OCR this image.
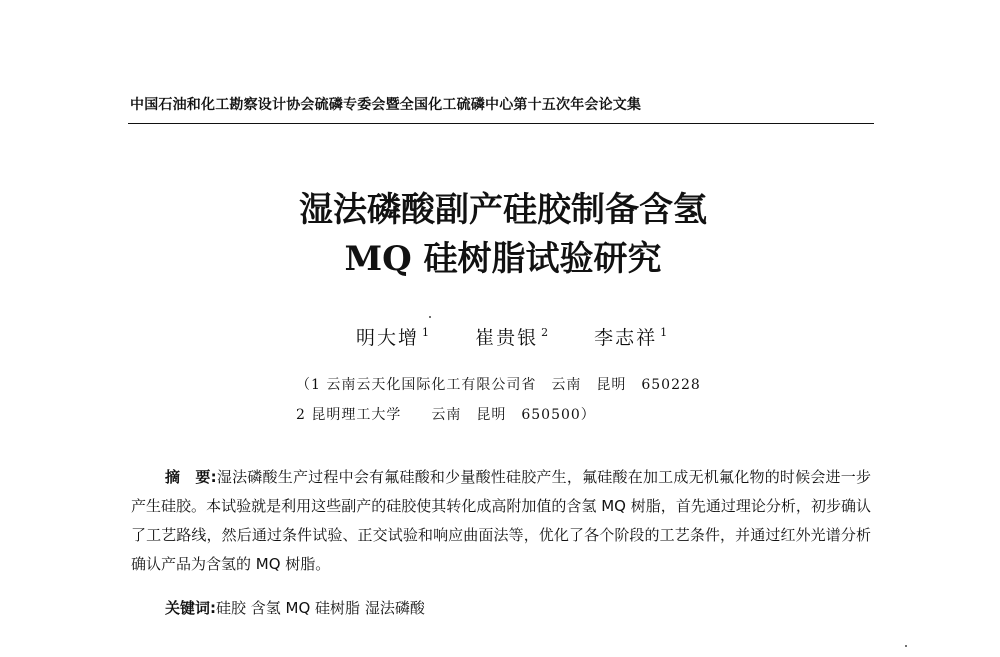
中国石油和化工勘察设计协会硫磷专委会暨全国化工硫磷中心第十五次年会论文集
湿法磷酸副产硅胶制备含氢
MQ 硅树脂试验研究
明大增 $^1$ 崔贵银 $^2$ 李志祥 $^1$
（1 云南云天化国际化工有限公司省　云南　昆明　650228
2 昆明理工大学　　云南　昆明　650500）
摘　要:湿法磷酸生产过程中会有氟硅酸和少量酸性硅胶产生，氟硅酸在加工成无机氟化物的时候会进一步产生硅胶。本试验就是利用这些副产的硅胶使其转化成高附加值的含氢 MQ 树脂，首先通过理论分析，初步确认了工艺路线，然后通过条件试验、正交试验和响应曲面法等，优化了各个阶段的工艺条件，并通过红外光谱分析确认产品为含氢的 MQ 树脂。
关键词:硅胶 含氢 MQ 硅树脂 湿法磷酸
